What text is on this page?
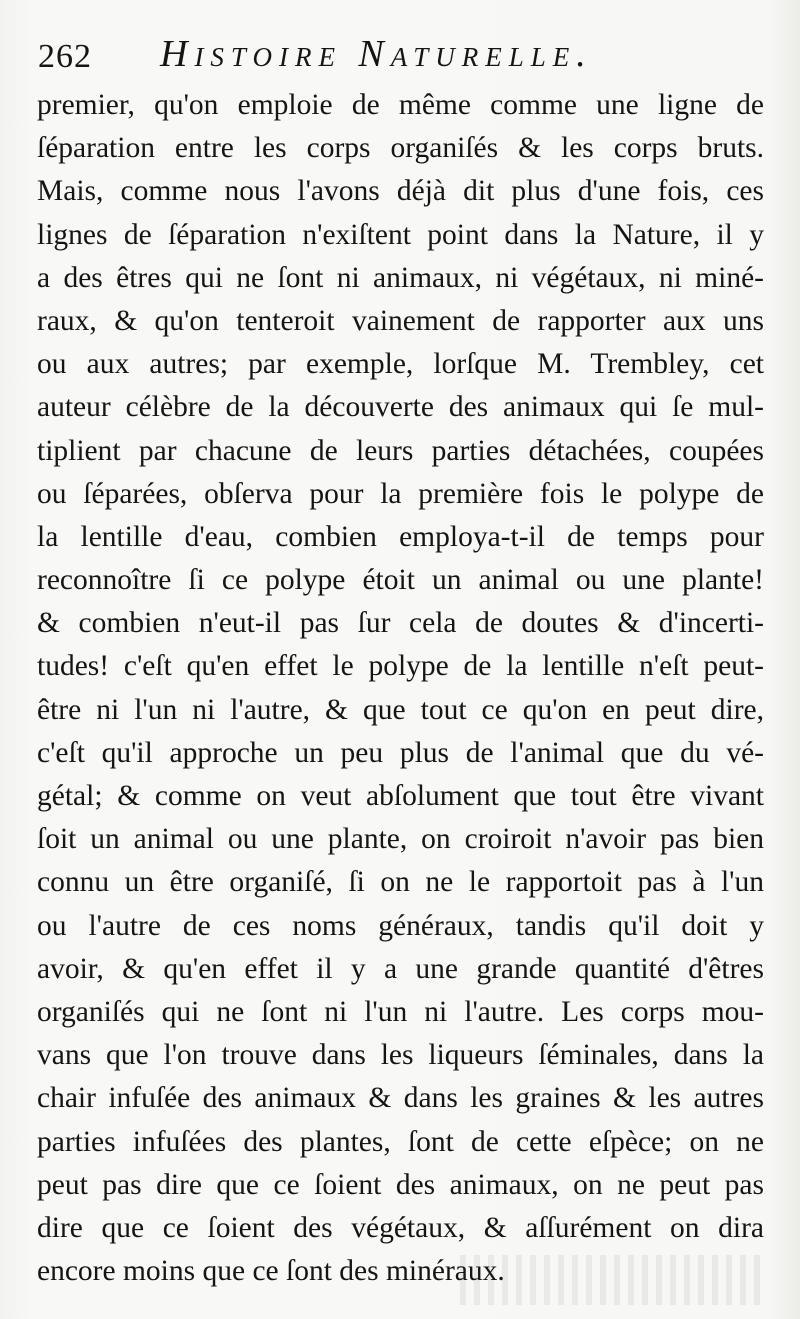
262 Histoire Naturelle.
premier, qu'on emploie de même comme une ligne de
ſéparation entre les corps organiſés & les corps bruts.
Mais, comme nous l'avons déjà dit plus d'une fois, ces
lignes de ſéparation n'exiſtent point dans la Nature, il y
a des êtres qui ne ſont ni animaux, ni végétaux, ni miné-
raux, & qu'on tenteroit vainement de rapporter aux uns
ou aux autres; par exemple, lorſque M. Trembley, cet
auteur célèbre de la découverte des animaux qui ſe mul-
tiplient par chacune de leurs parties détachées, coupées
ou ſéparées, obſerva pour la première fois le polype de
la lentille d'eau, combien employa-t-il de temps pour
reconnoître ſi ce polype étoit un animal ou une plante!
& combien n'eut-il pas ſur cela de doutes & d'incerti-
tudes! c'eſt qu'en effet le polype de la lentille n'eſt peut-
être ni l'un ni l'autre, & que tout ce qu'on en peut dire,
c'eſt qu'il approche un peu plus de l'animal que du vé-
gétal; & comme on veut abſolument que tout être vivant
ſoit un animal ou une plante, on croiroit n'avoir pas bien
connu un être organiſé, ſi on ne le rapportoit pas à l'un
ou l'autre de ces noms généraux, tandis qu'il doit y
avoir, & qu'en effet il y a une grande quantité d'êtres
organiſés qui ne ſont ni l'un ni l'autre. Les corps mou-
vans que l'on trouve dans les liqueurs ſéminales, dans la
chair infuſée des animaux & dans les graines & les autres
parties infuſées des plantes, ſont de cette eſpèce; on ne
peut pas dire que ce ſoient des animaux, on ne peut pas
dire que ce ſoient des végétaux, & aſſurément on dira
encore moins que ce ſont des minéraux.
